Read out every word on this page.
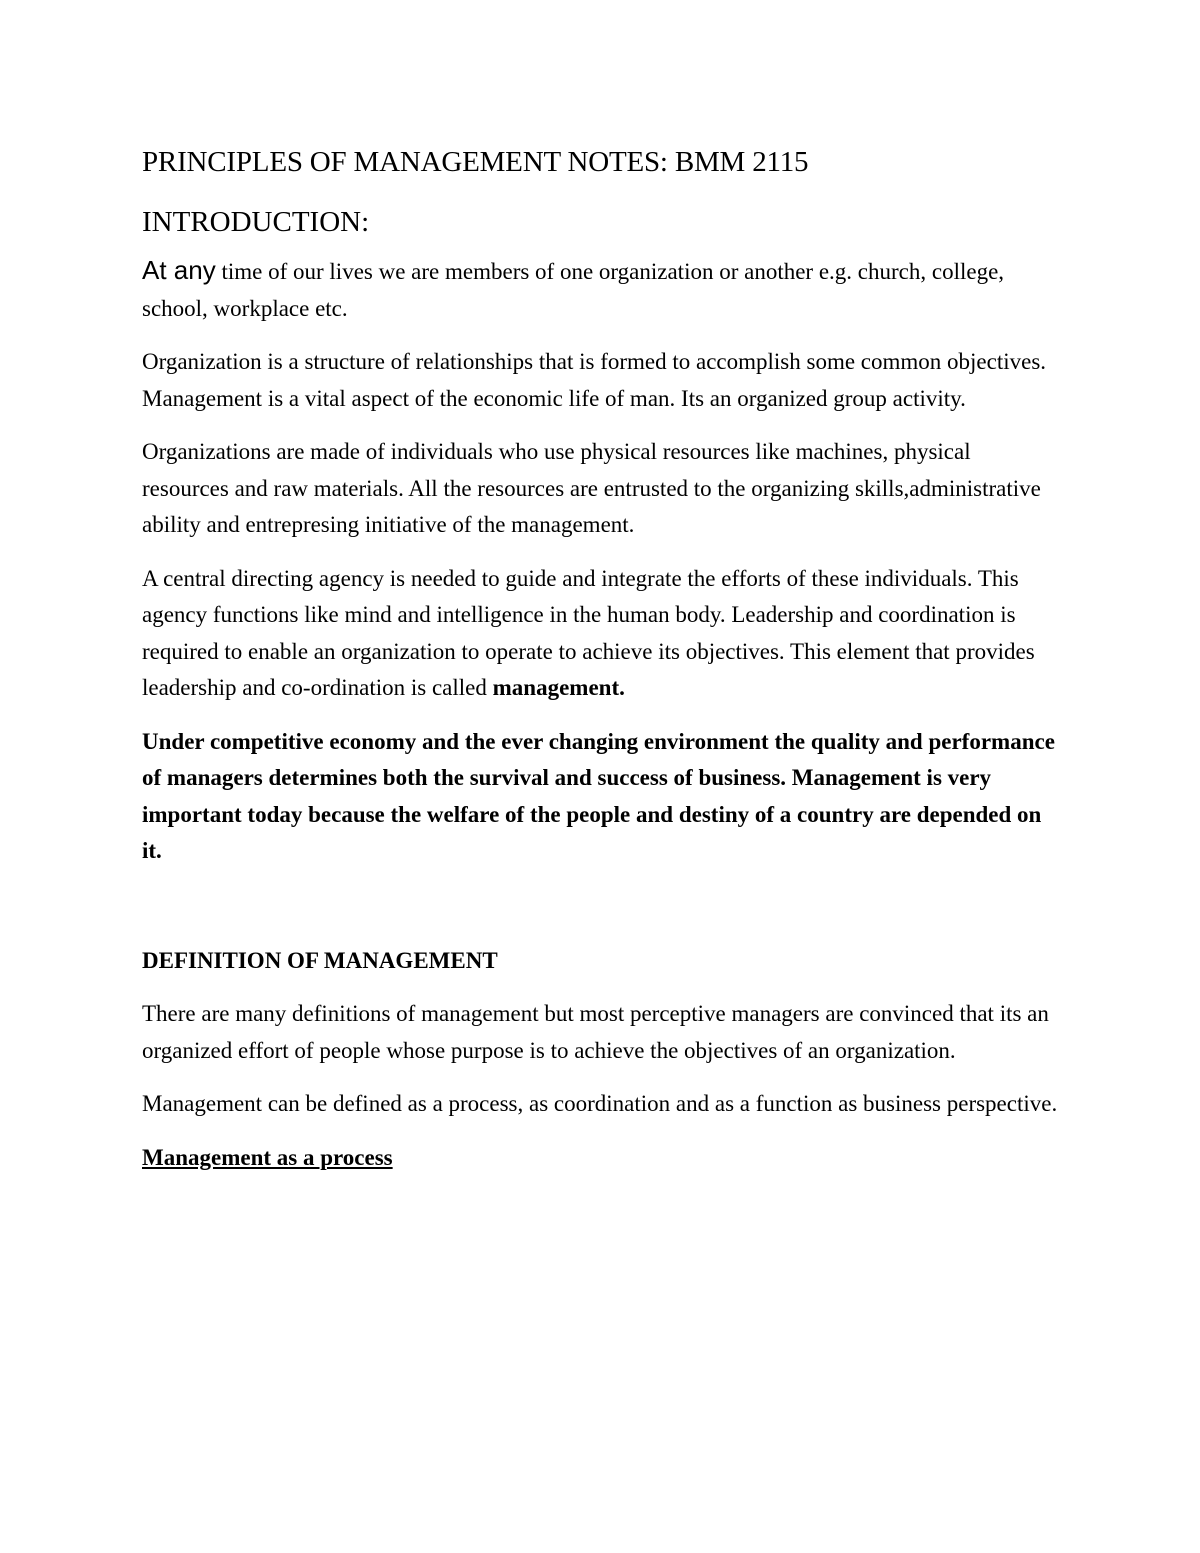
PRINCIPLES OF MANAGEMENT NOTES: BMM 2115
INTRODUCTION:

At any time of our lives we are members of one organization or another e.g. church, college, school, workplace etc.

Organization is a structure of relationships that is formed to accomplish some common objectives. Management is a vital aspect of the economic life of man. Its an organized group activity.

Organizations are made of individuals who use physical resources like machines, physical resources and raw materials. All the resources are entrusted to the organizing skills,administrative ability and entrepresing initiative of the management.

A central directing agency is needed to guide and integrate the efforts of these individuals. This agency functions like mind and intelligence in the human body. Leadership and coordination is required to enable an organization to operate to achieve its objectives. This element that provides leadership and co-ordination is called management.

Under competitive economy and the ever changing environment the quality and performance of managers determines both the survival and success of business. Management is very important today because the welfare of the people and destiny of a country are depended on it.

DEFINITION OF MANAGEMENT

There are many definitions of management but most perceptive managers are convinced that its an organized effort of people whose purpose is to achieve the objectives of an organization.

Management can be defined as a process, as coordination and as a function as business perspective.

Management as a process
